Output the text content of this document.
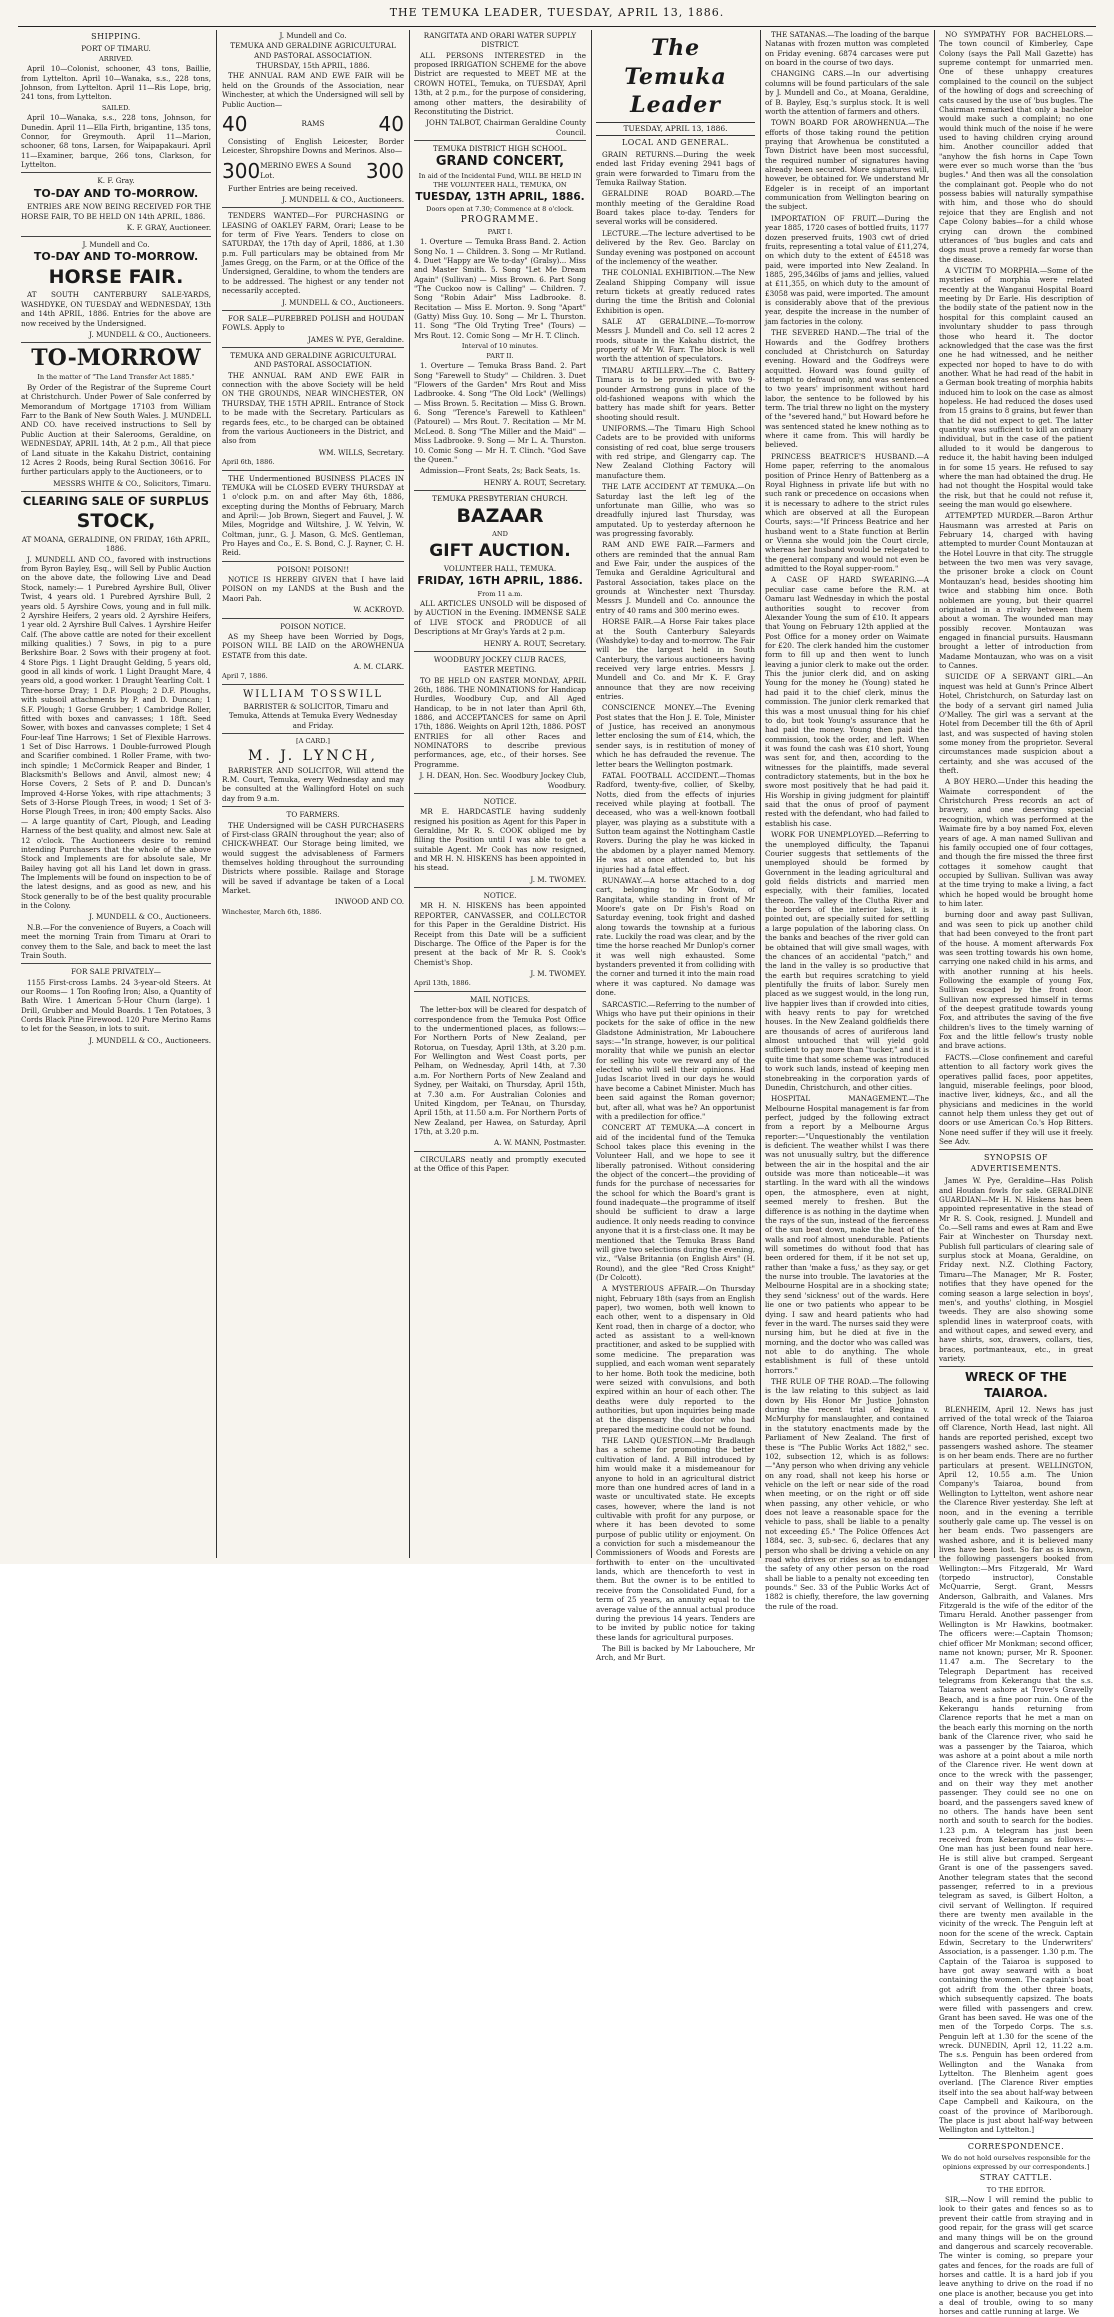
THE TEMUKA LEADER, TUESDAY, APRIL 13, 1886.
SHIPPING.
PORT OF TIMARU.
ARRIVED.

April 10—Colonist, schooner, 43 tons, Baillie, from Lyttelton. April 10—Wanaka, s.s., 228 tons, Johnson, from Lyttelton. April 11—Ris Lope, brig, 241 tons, from Lyttelton.

SAILED.

April 10—Wanaka, s.s., 228 tons, Johnson, for Dunedin. April 11—Ella Firth, brigantine, 135 tons, Connor, for Greymouth. April 11—Marion, schooner, 68 tons, Larsen, for Waipapakauri. April 11—Examiner, barque, 266 tons, Clarkson, for Lyttelton.

K. F. Gray.
TO-DAY AND TO-MORROW.

ENTRIES ARE NOW BEING RECEIVED FOR THE HORSE FAIR, TO BE HELD ON 14th APRIL, 1886.

K. F. GRAY, Auctioneer.
J. Mundell and Co.
TO-DAY AND TO-MORROW.
HORSE FAIR.

AT SOUTH CANTERBURY SALE-YARDS, WASHDYKE, ON TUESDAY and WEDNESDAY, 13th and 14th APRIL, 1886. Entries for the above are now received by the Undersigned.

J. MUNDELL & CO., Auctioneers.
TO-MORROW
In the matter of "The Land Transfer Act 1885."

By Order of the Registrar of the Supreme Court at Christchurch. Under Power of Sale conferred by Memorandum of Mortgage 17103 from William Farr to the Bank of New South Wales. J. MUNDELL AND CO. have received instructions to Sell by Public Auction at their Salerooms, Geraldine, on WEDNESDAY, APRIL 14th, At 2 p.m., All that piece of Land situate in the Kakahu District, containing 12 Acres 2 Roods, being Rural Section 30616. For further particulars apply to the Auctioneers, or to

MESSRS WHITE & CO., Solicitors, Timaru.
CLEARING SALE OF SURPLUS
STOCK,
AT MOANA, GERALDINE, ON FRIDAY, 16th APRIL, 1886.

J. MUNDELL AND CO., favored with instructions from Byron Bayley, Esq., will Sell by Public Auction on the above date, the following Live and Dead Stock, namely:— 1 Purebred Ayrshire Bull, Oliver Twist, 4 years old. 1 Purebred Ayrshire Bull, 2 years old. 5 Ayrshire Cows, young and in full milk. 2 Ayrshire Heifers, 2 years old. 2 Ayrshire Heifers, 1 year old. 2 Ayrshire Bull Calves. 1 Ayrshire Heifer Calf. (The above cattle are noted for their excellent milking qualities.) 7 Sows, in pig to a pure Berkshire Boar. 2 Sows with their progeny at foot. 4 Store Pigs. 1 Light Draught Gelding, 5 years old, good in all kinds of work. 1 Light Draught Mare, 4 years old, a good worker. 1 Draught Yearling Colt. 1 Three-horse Dray; 1 D.F. Plough; 2 D.F. Ploughs, with subsoil attachments by P. and D. Duncan; 1 S.F. Plough; 1 Gorse Grubber; 1 Cambridge Roller, fitted with boxes and canvasses; 1 18ft. Seed Sower, with boxes and canvasses complete; 1 Set 4 Four-leaf Tine Harrows; 1 Set of Flexible Harrows. 1 Set of Disc Harrows. 1 Double-furrowed Plough and Scarifier combined. 1 Roller Frame, with two-inch spindle; 1 McCormick Reaper and Binder, 1 Blacksmith's Bellows and Anvil, almost new; 4 Horse Covers, 2 Sets of P. and D. Duncan's Improved 4-Horse Yokes, with ripe attachments; 3 Sets of 3-Horse Plough Trees, in wood; 1 Set of 3-Horse Plough Trees, in iron; 400 empty Sacks. Also— A large quantity of Cart, Plough, and Leading Harness of the best quality, and almost new. Sale at 12 o'clock. The Auctioneers desire to remind intending Purchasers that the whole of the above Stock and Implements are for absolute sale, Mr Bailey having got all his Land let down in grass. The Implements will be found on inspection to be of the latest designs, and as good as new, and his Stock generally to be of the best quality procurable in the Colony.

J. MUNDELL & CO., Auctioneers.

N.B.—For the convenience of Buyers, a Coach will meet the morning Train from Timaru at Orari to convey them to the Sale, and back to meet the last Train South.

FOR SALE PRIVATELY—

1155 First-cross Lambs. 24 3-year-old Steers. At our Rooms— 1 Ton Roofing Iron; Also, a Quantity of Bath Wire. 1 American 5-Hour Churn (large). 1 Drill, Grubber and Mould Boards. 1 Ten Potatoes, 3 Cords Black Pine Firewood. 120 Pure Merino Rams to let for the Season, in lots to suit.

J. MUNDELL & CO., Auctioneers.
J. Mundell and Co.
TEMUKA AND GERALDINE AGRICULTURAL AND PASTORAL ASSOCIATION.
THURSDAY, 15th APRIL, 1886.

THE ANNUAL RAM AND EWE FAIR will be held on the Grounds of the Association, near Winchester, at which the Undersigned will sell by Public Auction—

40	RAMS	40

Consisting of English Leicester, Border Leicester, Shropshire Downs and Merinos. Also—

300 MERINO EWES A Sound Lot.	300

Further Entries are being received.

J. MUNDELL & CO., Auctioneers.

TENDERS WANTED—For PURCHASING or LEASING of OAKLEY FARM, Orari; Lease to be for term of Five Years. Tenders to close on SATURDAY, the 17th day of April, 1886, at 1.30 p.m. Full particulars may be obtained from Mr James Gregg, on the Farm, or at the Office of the Undersigned, Geraldine, to whom the tenders are to be addressed. The highest or any tender not necessarily accepted.

J. MUNDELL & CO., Auctioneers.

FOR SALE—PUREBRED POLISH and HOUDAN FOWLS. Apply to

JAMES W. PYE, Geraldine.
TEMUKA AND GERALDINE AGRICULTURAL AND PASTORAL ASSOCIATION.

THE ANNUAL RAM AND EWE FAIR in connection with the above Society will be held ON THE GROUNDS, NEAR WINCHESTER, ON THURSDAY, THE 15TH APRIL. Entrance of Stock to be made with the Secretary. Particulars as regards fees, etc., to be charged can be obtained from the various Auctioneers in the District, and also from

WM. WILLS, Secretary.
April 6th, 1886.

THE Undermentioned BUSINESS PLACES IN TEMUKA will be CLOSED EVERY THURSDAY at 1 o'clock p.m. on and after May 6th, 1886, excepting during the Months of February, March and April:— Job Brown, Siegert and Fauvel, J. W. Miles, Mogridge and Wiltshire, J. W. Yelvin, W. Coltman, junr., G. J. Mason, G. McS. Gentleman, Pro Hayes and Co., E. S. Bond, C. J. Rayner, C. H. Reid.

POISON! POISON!!

NOTICE IS HEREBY GIVEN that I have laid POISON on my LANDS at the Bush and the Maori Pah.

W. ACKROYD.
POISON NOTICE.

AS my Sheep have been Worried by Dogs, POISON WILL BE LAID on the AROWHENUA ESTATE from this date.

A. M. CLARK.
April 7, 1886.
WILLIAM TOSSWILL

BARRISTER & SOLICITOR, Timaru and Temuka, Attends at Temuka Every Wednesday and Friday.

[A CARD.]
M. J. LYNCH,

BARRISTER AND SOLICITOR, Will attend the R.M. Court, Temuka, every Wednesday and may be consulted at the Wallingford Hotel on such day from 9 a.m.

TO FARMERS.

THE Undersigned will be CASH PURCHASERS of First-class GRAIN throughout the year; also of CHICK-WHEAT. Our Storage being limited, we would suggest the advisableness of Farmers themselves holding throughout the surrounding Districts where possible. Railage and Storage will be saved if advantage be taken of a Local Market.

INWOOD AND CO.
Winchester, March 6th, 1886.
RANGITATA AND ORARI WATER SUPPLY DISTRICT.

ALL PERSONS INTERESTED in the proposed IRRIGATION SCHEME for the above District are requested to MEET ME at the CROWN HOTEL, Temuka, on TUESDAY, April 13th, at 2 p.m., for the purpose of considering, among other matters, the desirability of Reconstituting the District.

JOHN TALBOT, Chairman Geraldine County Council.
TEMUKA DISTRICT HIGH SCHOOL.
GRAND CONCERT,
In aid of the Incidental Fund, WILL BE HELD IN THE VOLUNTEER HALL, TEMUKA, ON
TUESDAY, 13TH APRIL, 1886.
Doors open at 7.30; Commence at 8 o'clock.
PROGRAMME.
PART I.

1. Overture — Temuka Brass Band. 2. Action Song No. 1 — Children. 3. Song — Mr Rutland. 4. Duet "Happy are We to-day" (Gralsy)... Miss and Master Smith. 5. Song "Let Me Dream Again" (Sullivan) — Miss Brown. 6. Part Song "The Cuckoo now is Calling" — Children. 7. Song "Robin Adair" Miss Ladbrooke. 8. Recitation — Miss E. Morton. 9. Song "Apart" (Gatty) Miss Guy. 10. Song — Mr L. Thurston. 11. Song "The Old Tryting Tree" (Tours) — Mrs Rout. 12. Comic Song — Mr H. T. Clinch.

Interval of 10 minutes.
PART II.

1. Overture — Temuka Brass Band. 2. Part Song "Farewell to Study" — Children. 3. Duet "Flowers of the Garden" Mrs Rout and Miss Ladbrooke. 4. Song "The Old Lock" (Wellings) — Miss Brown. 5. Recitation — Miss G. Brown. 6. Song "Terence's Farewell to Kathleen" (Patourel) — Mrs Rout. 7. Recitation — Mr M. McLeod. 8. Song "The Miller and the Maid" — Miss Ladbrooke. 9. Song — Mr L. A. Thurston. 10. Comic Song — Mr H. T. Clinch. "God Save the Queen."

Admission—Front Seats, 2s; Back Seats, 1s.

HENRY A. ROUT, Secretary.
TEMUKA PRESBYTERIAN CHURCH.
BAZAAR
AND
GIFT AUCTION.
VOLUNTEER HALL, TEMUKA.
FRIDAY, 16TH APRIL, 1886.
From 11 a.m.

ALL ARTICLES UNSOLD will be disposed of by AUCTION in the Evening. IMMENSE SALE of LIVE STOCK and PRODUCE of all Descriptions at Mr Gray's Yards at 2 p.m.

HENRY A. ROUT, Secretary.
WOODBURY JOCKEY CLUB RACES,
EASTER MEETING.

TO BE HELD ON EASTER MONDAY, APRIL 26th, 1886. THE NOMINATIONS for Handicap Hurdles, Woodbury Cup, and All Aged Handicap, to be in not later than April 6th, 1886, and ACCEPTANCES for same on April 17th, 1886. Weights on April 12th, 1886. POST ENTRIES for all other Races and NOMINATORS to describe previous performances, age, etc., of their horses. See Programme.

J. H. DEAN, Hon. Sec. Woodbury Jockey Club, Woodbury.
NOTICE.

MR E. HARDCASTLE having suddenly resigned his position as Agent for this Paper in Geraldine, Mr R. S. COOK obliged me by filling the Position until I was able to get a suitable Agent. Mr Cook has now resigned, and MR H. N. HISKENS has been appointed in his stead.

J. M. TWOMEY.
NOTICE.

MR H. N. HISKENS has been appointed REPORTER, CANVASSER, and COLLECTOR for this Paper in the Geraldine District. His Receipt from this Date will be a sufficient Discharge. The Office of the Paper is for the present at the back of Mr R. S. Cook's Chemist's Shop.

J. M. TWOMEY.
April 13th, 1886.
MAIL NOTICES.

The letter-box will be cleared for despatch of correspondence from the Temuka Post Office to the undermentioned places, as follows:— For Northern Ports of New Zealand, per Rotorua, on Tuesday, April 13th, at 3.20 p.m. For Wellington and West Coast ports, per Pelham, on Wednesday, April 14th, at 7.30 a.m. For Northern Ports of New Zealand and Sydney, per Waitaki, on Thursday, April 15th, at 7.30 a.m. For Australian Colonies and United Kingdom, per TeAnau, on Thursday, April 15th, at 11.50 a.m. For Northern Ports of New Zealand, per Hawea, on Saturday, April 17th, at 3.20 p.m.

A. W. MANN, Postmaster.

CIRCULARS neatly and promptly executed at the Office of this Paper.

The Temuka Leader
TUESDAY, APRIL 13, 1886.
LOCAL AND GENERAL.

GRAIN RETURNS.—During the week ended last Friday evening 2941 bags of grain were forwarded to Timaru from the Temuka Railway Station.

GERALDINE ROAD BOARD.—The monthly meeting of the Geraldine Road Board takes place to-day. Tenders for several works will be considered.

LECTURE.—The lecture advertised to be delivered by the Rev. Geo. Barclay on Sunday evening was postponed on account of the inclemency of the weather.

THE COLONIAL EXHIBITION.—The New Zealand Shipping Company will issue return tickets at greatly reduced rates during the time the British and Colonial Exhibition is open.

SALE AT GERALDINE.—To-morrow Messrs J. Mundell and Co. sell 12 acres 2 roods, situate in the Kakahu district, the property of Mr W. Farr. The block is well worth the attention of speculators.

TIMARU ARTILLERY.—The C. Battery Timaru is to be provided with two 9-pounder Armstrong guns in place of the old-fashioned weapons with which the battery has made shift for years. Better shooting should result.

UNIFORMS.—The Timaru High School Cadets are to be provided with uniforms consisting of red coat, blue serge trousers with red stripe, and Glengarry cap. The New Zealand Clothing Factory will manufacture them.

THE LATE ACCIDENT AT TEMUKA.—On Saturday last the left leg of the unfortunate man Gillie, who was so dreadfully injured last Thursday, was amputated. Up to yesterday afternoon he was progressing favorably.

RAM AND EWE FAIR.—Farmers and others are reminded that the annual Ram and Ewe Fair, under the auspices of the Temuka and Geraldine Agricultural and Pastoral Association, takes place on the grounds at Winchester next Thursday. Messrs J. Mundell and Co. announce the entry of 40 rams and 300 merino ewes.

HORSE FAIR.—A Horse Fair takes place at the South Canterbury Saleyards (Washdyke) to-day and to-morrow. The Fair will be the largest held in South Canterbury, the various auctioneers having received very large entries. Messrs J. Mundell and Co. and Mr K. F. Gray announce that they are now receiving entries.

CONSCIENCE MONEY.—The Evening Post states that the Hon J. E. Tole, Minister of Justice, has received an anonymous letter enclosing the sum of £14, which, the sender says, is in restitution of money of which he has defrauded the revenue. The letter bears the Wellington postmark.

FATAL FOOTBALL ACCIDENT.—Thomas Radford, twenty-five, collier, of Skelby, Notts, died from the effects of injuries received while playing at football. The deceased, who was a well-known football player, was playing as a substitute with a Sutton team against the Nottingham Castle Rovers. During the play he was kicked in the abdomen by a player named Memory. He was at once attended to, but his injuries had a fatal effect.

RUNAWAY.—A horse attached to a dog cart, belonging to Mr Godwin, of Rangitata, while standing in front of Mr Moore's gate on Dr Fish's Road on Saturday evening, took fright and dashed along towards the township at a furious rate. Luckily the road was clear, and by the time the horse reached Mr Dunlop's corner it was well nigh exhausted. Some bystanders prevented it from colliding with the corner and turned it into the main road where it was captured. No damage was done.

SARCASTIC.—Referring to the number of Whigs who have put their opinions in their pockets for the sake of office in the new Gladstone Administration, Mr Labouchere says:—"In strange, however, is our political morality that while we punish an elector for selling his vote we reward any of the elected who will sell their opinions. Had Judas Iscariot lived in our days he would have become a Cabinet Minister. Much has been said against the Roman governor; but, after all, what was he? An opportunist with a predilection for office."

CONCERT AT TEMUKA.—A concert in aid of the incidental fund of the Temuka School takes place this evening in the Volunteer Hall, and we hope to see it liberally patronised. Without considering the object of the concert—the providing of funds for the purchase of necessaries for the school for which the Board's grant is found inadequate—the programme of itself should be sufficient to draw a large audience. It only needs reading to convince anyone that it is a first-class one. It may be mentioned that the Temuka Brass Band will give two selections during the evening, viz., "Valse Britannia (on English Airs" (H. Round), and the glee "Red Cross Knight" (Dr Colcott).

A MYSTERIOUS AFFAIR.—On Thursday night, February 18th (says from an English paper), two women, both well known to each other, went to a dispensary in Old Kent road, then in charge of a doctor, who acted as assistant to a well-known practitioner, and asked to be supplied with some medicine. The preparation was supplied, and each woman went separately to her home. Both took the medicine, both were seized with convulsions, and both expired within an hour of each other. The deaths were duly reported to the authorities, but upon inquiries being made at the dispensary the doctor who had prepared the medicine could not be found.

THE LAND QUESTION.—Mr Bradlaugh has a scheme for promoting the better cultivation of land. A Bill introduced by him would make it a misdemeanour for anyone to hold in an agricultural district more than one hundred acres of land in a waste or uncultivated state. He excepts cases, however, where the land is not cultivable with profit for any purpose, or where it has been devoted to some purpose of public utility or enjoyment. On a conviction for such a misdemeanour the Commissioners of Woods and Forests are forthwith to enter on the uncultivated lands, which are thenceforth to vest in them. But the owner is to be entitled to receive from the Consolidated Fund, for a term of 25 years, an annuity equal to the average value of the annual actual produce during the previous 14 years. Tenders are to be invited by public notice for taking these lands for agricultural purposes.

The Bill is backed by Mr Labouchere, Mr Arch, and Mr Burt.

THE SATANAS.—The loading of the barque Natanas with frozen mutton was completed on Friday evening. 6874 carcases were put on board in the course of two days.

CHANGING CARS.—In our advertising columns will be found particulars of the sale by J. Mundell and Co., at Moana, Geraldine, of B. Bayley, Esq.'s surplus stock. It is well worth the attention of farmers and others.

TOWN BOARD FOR AROWHENUA.—The efforts of those taking round the petition praying that Arowhenua be constituted a Town District have been most successful, the required number of signatures having already been secured. More signatures will, however, be obtained for. We understand Mr Edgeler is in receipt of an important communication from Wellington bearing on the subject.

IMPORTATION OF FRUIT.—During the year 1885, 1720 cases of bottled fruits, 1177 dozen preserved fruits, 1903 cwt of dried fruits, representing a total value of £11,274, on which duty to the extent of £4518 was paid, were imported into New Zealand. In 1885, 295,346lbs of jams and jellies, valued at £11,355, on which duty to the amount of £3058 was paid, were imported. The amount is considerably above that of the previous year, despite the increase in the number of jam factories in the colony.

THE SEVERED HAND.—The trial of the Howards and the Godfrey brothers concluded at Christchurch on Saturday evening. Howard and the Godfreys were acquitted. Howard was found guilty of attempt to defraud only, and was sentenced to two years' imprisonment without hard labor, the sentence to be followed by his term. The trial threw no light on the mystery of the "severed hand," but Howard before he was sentenced stated he knew nothing as to where it came from. This will hardly be believed.

PRINCESS BEATRICE'S HUSBAND.—A Home paper, referring to the anomalous position of Prince Henry of Battenberg as a Royal Highness in private life but with no such rank or precedence on occasions when it is necessary to adhere to the strict rules which are observed at all the European Courts, says:—"If Princess Beatrice and her husband went to a State function at Berlin or Vienna she would join the Court circle, whereas her husband would be relegated to the general company and would not even be admitted to the Royal supper-room."

A CASE OF HARD SWEARING.—A peculiar case came before the R.M. at Oamaru last Wednesday in which the postal authorities sought to recover from Alexander Young the sum of £10. It appears that Young on February 12th applied at the Post Office for a money order on Waimate for £20. The clerk handed him the customer form to fill up and then went to lunch leaving a junior clerk to make out the order. This the junior clerk did, and on asking Young for the money he (Young) stated he had paid it to the chief clerk, minus the commission. The junior clerk remarked that this was a most unusual thing for his chief to do, but took Young's assurance that he had paid the money. Young then paid the commission, took the order, and left. When it was found the cash was £10 short, Young was sent for, and then, according to the witnesses for the plaintiffs, made several contradictory statements, but in the box he swore most positively that he had paid it. His Worship in giving judgment for plaintiff said that the onus of proof of payment rested with the defendant, who had failed to establish his case.

WORK FOR UNEMPLOYED.—Referring to the unemployed difficulty, the Tapanui Courier suggests that settlements of the unemployed should be formed by Government in the leading agricultural and gold fields districts and married men especially, with their families, located thereon. The valley of the Clutha River and the borders of the interior lakes, it is pointed out, are specially suited for settling a large population of the laboring class. On the banks and beaches of the river gold can be obtained that will give small wages, with the chances of an accidental "patch," and the land in the valley is so productive that the earth but requires scratching to yield plentifully the fruits of labor. Surely men placed as we suggest would, in the long run, live happier lives than if crowded into cities, with heavy rents to pay for wretched houses. In the New Zealand goldfields there are thousands of acres of auriferous land almost untouched that will yield gold sufficient to pay more than "tucker," and it is quite time that some scheme was introduced to work such lands, instead of keeping men stonebreaking in the corporation yards of Dunedin, Christchurch, and other cities.

HOSPITAL MANAGEMENT.—The Melbourne Hospital management is far from perfect, judged by the following extract from a report by a Melbourne Argus reporter:—"Unquestionably the ventilation is deficient. The weather whilst I was there was not unusually sultry, but the difference between the air in the hospital and the air outside was more than noticeable—it was startling. In the ward with all the windows open, the atmosphere, even at night, seemed merely to freshen. But the difference is as nothing in the daytime when the rays of the sun, instead of the fierceness of the sun beat down, make the heat of the walls and roof almost unendurable. Patients will sometimes do without food that has been ordered for them, if it be not set up, rather than 'make a fuss,' as they say, or get the nurse into trouble. The lavatories at the Melbourne Hospital are in a shocking state; they send 'sickness' out of the wards. Here lie one or two patients who appear to be dying. I saw and heard patients who had fever in the ward. The nurses said they were nursing him, but he died at five in the morning, and the doctor who was called was not able to do anything. The whole establishment is full of these untold horrors."

THE RULE OF THE ROAD.—The following is the law relating to this subject as laid down by His Honor Mr Justice Johnston during the recent trial of Regina v. McMurphy for manslaughter, and contained in the statutory enactments made by the Parliament of New Zealand. The first of these is "The Public Works Act 1882," sec. 102, subsection 12, which is as follows:—"Any person who when driving any vehicle on any road, shall not keep his horse or vehicle on the left or near side of the road when meeting, or on the right or off side when passing, any other vehicle, or who does not leave a reasonable space for the vehicle to pass, shall be liable to a penalty not exceeding £5." The Police Offences Act 1884, sec. 3, sub-sec. 6, declares that any person who shall be driving a vehicle on any road who drives or rides so as to endanger the safety of any other person on the road shall be liable to a penalty not exceeding ten pounds." Sec. 33 of the Public Works Act of 1882 is chiefly, therefore, the law governing the rule of the road.

NO SYMPATHY FOR BACHELORS.—The town council of Kimberley, Cape Colony (says the Pall Mall Gazette) has supreme contempt for unmarried men. One of these unhappy creatures complained to the council on the subject of the howling of dogs and screeching of cats caused by the use of 'bus bugles. The Chairman remarked that only a bachelor would make such a complaint; no one would think much of the noise if he were used to having children crying around him. Another councillor added that "anyhow the fish horns in Cape Town were ever so much worse than the 'bus bugles." And then was all the consolation the complainant got. People who do not possess babies will naturally sympathise with him, and those who do should rejoice that they are English and not Cape Colony babies—for a child whose crying can drown the combined utterances of 'bus bugles and cats and dogs must prove a remedy far worse than the disease.

A VICTIM TO MORPHIA.—Some of the mysteries of morphia were related recently at the Wanganui Hospital Board meeting by Dr Earle. His description of the bodily state of the patient now in the hospital for this complaint caused an involuntary shudder to pass through those who heard it. The doctor acknowledged that the case was the first one he had witnessed, and he neither expected nor hoped to have to do with another. What he had read of the habit in a German book treating of morphia habits induced him to look on the case as almost hopeless. He had reduced the doses used from 15 grains to 8 grains, but fewer than that he did not expect to get. The latter quantity was sufficient to kill an ordinary individual, but in the case of the patient alluded to it would be dangerous to reduce it, the habit having been indulged in for some 15 years. He refused to say where the man had obtained the drug. He had not thought the Hospital would take the risk, but that he could not refuse it, seeing the man would go elsewhere.

ATTEMPTED MURDER.—Baron Arthur Hausmann was arrested at Paris on February 14, charged with having attempted to murder Count Montauzan at the Hotel Louvre in that city. The struggle between the two men was very savage, the prisoner broke a clock on Count Montauzan's head, besides shooting him twice and stabbing him once. Both noblemen are young, but their quarrel originated in a rivalry between them about a woman. The wounded man may possibly recover. Montauzan was engaged in financial pursuits. Hausmann brought a letter of introduction from Madame Montauzan, who was on a visit to Cannes.

SUICIDE OF A SERVANT GIRL.—An inquest was held at Gunn's Prince Albert Hotel, Christchurch, on Saturday last on the body of a servant girl named Julia O'Malley. The girl was a servant at the Hotel from December till the 6th of April last, and was suspected of having stolen some money from the proprietor. Several circumstances made suspicion about a certainty, and she was accused of the theft.

A BOY HERO.—Under this heading the Waimate correspondent of the Christchurch Press records an act of bravery, and one deserving special recognition, which was performed at the Waimate fire by a boy named Fox, eleven years of age. A man named Sullivan and his family occupied one of four cottages, and though the fire missed the three first cottages it somehow caught that occupied by Sullivan. Sullivan was away at the time trying to make a living, a fact which he hoped would be brought home to him later.

burning door and away past Sullivan, and was seen to pick up another child that had been conveyed to the front part of the house. A moment afterwards Fox was seen trotting towards his own home, carrying one naked child in his arms, and with another running at his heels. Following the example of young Fox, Sullivan escaped by the front door. Sullivan now expressed himself in terms of the deepest gratitude towards young Fox, and attributes the saving of the five children's lives to the timely warning of Fox and the little fellow's trusty noble and brave actions.

FACTS.—Close confinement and careful attention to all factory work gives the operatives pallid faces, poor appetites, languid, miserable feelings, poor blood, inactive liver, kidneys, &c., and all the physicians and medicines in the world cannot help them unless they get out of doors or use American Co.'s Hop Bitters. None need suffer if they will use it freely. See Adv.

SYNOPSIS OF ADVERTISEMENTS.

James W. Pye, Geraldine—Has Polish and Houdan fowls for sale. GERALDINE GUARDIAN—Mr H. N. Hiskens has been appointed representative in the stead of Mr R. S. Cook, resigned. J. Mundell and Co.—Sell rams and ewes at Ram and Ewe Fair at Winchester on Thursday next. Publish full particulars of clearing sale of surplus stock at Moana, Geraldine, on Friday next. N.Z. Clothing Factory, Timaru—The Manager, Mr R. Foster, notifies that they have opened for the coming season a large selection in boys', men's, and youths' clothing, in Mosgiel tweeds. They are also showing some splendid lines in waterproof coats, with and without capes, and sewed every, and have shirts, sox, drawers, collars, ties, braces, portmanteaux, etc., in great variety.

WRECK OF THE TAIAROA.

BLENHEIM, April 12. News has just arrived of the total wreck of the Taiaroa off Clarence, North Head, last night. All hands are reported perished, except two passengers washed ashore. The steamer is on her beam ends. There are no further particulars at present. WELLINGTON, April 12, 10.55 a.m. The Union Company's Taiaroa, bound from Wellington to Lyttelton, went ashore near the Clarence River yesterday. She left at noon, and in the evening a terrible southerly gale came up. The vessel is on her beam ends. Two passengers are washed ashore, and it is believed many lives have been lost. So far as is known, the following passengers booked from Wellington:—Mrs Fitzgerald, Mr Ward (torpedo instructor), Constable McQuarrie, Sergt. Grant, Messrs Anderson, Galbraith, and Valanes. Mrs Fitzgerald is the wife of the editor of the Timaru Herald. Another passenger from Wellington is Mr Hawkins, bootmaker. The officers were:—Captain Thomson; chief officer Mr Monkman; second officer, name not known; purser, Mr R. Spooner. 11.47 a.m. The Secretary to the Telegraph Department has received telegrams from Kekerangu that the s.s. Taiaroa went ashore at Trove's Gravelly Beach, and is a fine poor ruin. One of the Kekerangu hands returning from Clarence reports that he met a man on the beach early this morning on the north bank of the Clarence river, who said he was a passenger by the Taiaroa, which was ashore at a point about a mile north of the Clarence river. He went down at once to the wreck with the passenger, and on their way they met another passenger. They could see no one on board, and the passengers saved knew of no others. The hands have been sent north and south to search for the bodies. 1.23 p.m. A telegram has just been received from Kekerangu as follows:—One man has just been found near here. He is still alive but cramped. Sergeant Grant is one of the passengers saved. Another telegram states that the second passenger, referred to in a previous telegram as saved, is Gilbert Holton, a civil servant of Wellington. If required there are twenty men available in the vicinity of the wreck. The Penguin left at noon for the scene of the wreck. Captain Edwin, Secretary to the Underwriters' Association, is a passenger. 1.30 p.m. The Captain of the Taiaroa is supposed to have got away seaward with a boat containing the women. The captain's boat got adrift from the other three boats, which subsequently capsized. The boats were filled with passengers and crew. Grant has been saved. He was one of the men of the Torpedo Corps. The s.s. Penguin left at 1.30 for the scene of the wreck. DUNEDIN, April 12, 11.22 a.m. The s.s. Penguin has been ordered from Wellington and the Wanaka from Lyttelton. The Blenheim agent goes overland. [The Clarence River empties itself into the sea about half-way between Cape Campbell and Kaikoura, on the coast of the province of Marlborough. The place is just about half-way between Wellington and Lyttelton.]

CORRESPONDENCE.
We do not hold ourselves responsible for the opinions expressed by our correspondents.]
STRAY CATTLE.
TO THE EDITOR.

SIR,—Now I will remind the public to look to their gates and fences so as to prevent their cattle from straying and in good repair, for the grass will get scarce and many things will be on the ground and dangerous and scarcely recoverable. The winter is coming, so prepare your gates and fences, for the roads are full of horses and cattle. It is a hard job if you leave anything to drive on the road if no one place is another, because you get into a deal of trouble, owing to so many horses and cattle running at large. We
